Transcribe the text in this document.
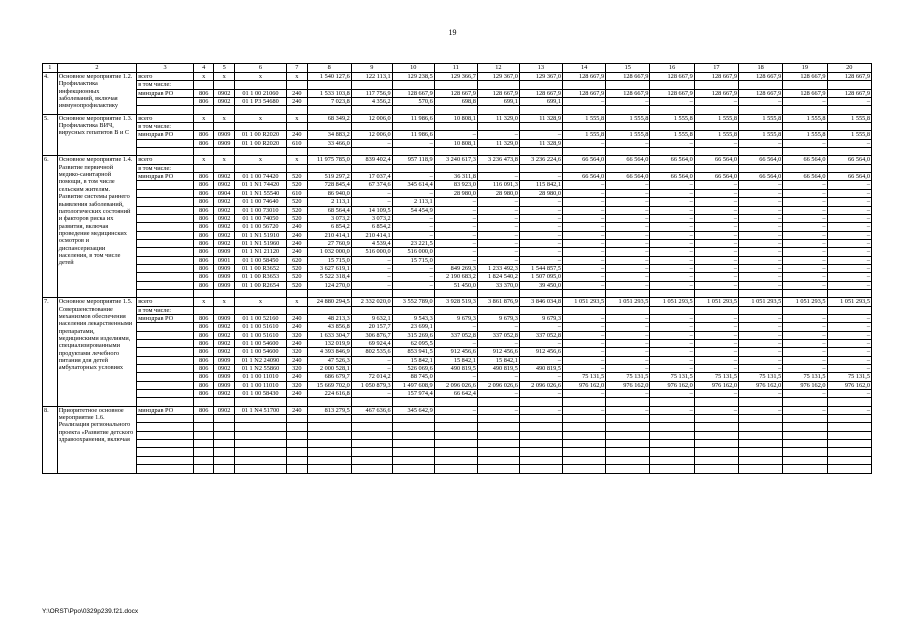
19
1	2	3	4	5	6	7	8	9	10	11	12	13	14	15	16	17	18	19	20
4.	Основное мероприятие 1.2. Профилактика инфекционных заболеваний, включая иммунопрофилактику	всего	x	x	x	x	1 540 127,6	122 113,1	129 238,5	129 366,7	129 367,0	129 367,0	128 667,9	128 667,9	128 667,9	128 667,9	128 667,9	128 667,9	128 667,9
		в том числе:																	
		минздрав РО	806	0902	01 1 00 21060	240	1 533 103,8	117 756,9	128 667,9	128 667,9	128 667,9	128 667,9	128 667,9	128 667,9	128 667,9	128 667,9	128 667,9	128 667,9	128 667,9
			806	0902	01 1 P3 54680	240	7 023,8	4 356,2	570,6	698,8	699,1	699,1	–	–	–	–	–	–	–

5.	Основное мероприятие 1.3. Профилактика ВИЧ, вирусных гепатитов В и С	всего	x	x	x	x	68 349,2	12 006,0	11 986,6	10 808,1	11 329,0	11 328,9	1 555,8	1 555,8	1 555,8	1 555,8	1 555,8	1 555,8	1 555,8
		в том числе:																	
		минздрав РО	806	0909	01 1 00 R2020	240	34 883,2	12 006,0	11 986,6	–	–	–	1 555,8	1 555,8	1 555,8	1 555,8	1 555,8	1 555,8	1 555,8
			806	0909	01 1 00 R2020	610	33 466,0	–	–	10 808,1	11 329,0	11 328,9	–	–	–	–	–	–	–

6.	Основное мероприятие 1.4. Развитие первичной медико-санитарной помощи, в том числе сельским жителям. Развитие системы раннего выявления заболеваний, патологических состояний и факторов риска их развития, включая проведение медицинских осмотров и диспансеризации населения, в том числе детей	всего	x	x	x	x	11 975 785,0	839 402,4	957 118,9	3 240 617,3	3 236 473,8	3 236 224,6	66 564,0	66 564,0	66 564,0	66 564,0	66 564,0	66 564,0	66 564,0
		в том числе:																	
		минздрав РО	806	0902	01 1 00 74420	520	519 297,2	17 037,4	–	36 311,8	–	–	66 564,0	66 564,0	66 564,0	66 564,0	66 564,0	66 564,0	66 564,0
			806	0902	01 1 N1 74420	520	728 845,4	67 374,6	345 614,4	83 923,0	116 091,3	115 842,1	–	–	–	–	–	–	–
			806	0904	01 1 N1 55540	610	86 940,0	–	–	28 980,0	28 980,0	28 980,0	–	–	–	–	–	–	–
			806	0902	01 1 00 74640	520	2 113,1	–	2 113,1	–	–	–	–	–	–	–	–	–	–
			806	0902	01 1 00 73010	520	68 564,4	14 109,5	54 454,9	–	–	–	–	–	–	–	–	–	–
			806	0902	01 1 00 74050	520	3 073,2	3 073,2	–	–	–	–	–	–	–	–	–	–	–
			806	0902	01 1 00 56720	240	6 854,2	6 854,2	–	–	–	–	–	–	–	–	–	–	–
			806	0902	01 1 N1 51910	240	210 414,1	210 414,1	–	–	–	–	–	–	–	–	–	–	–
			806	0902	01 1 N1 51960	240	27 760,9	4 539,4	23 221,5	–	–	–	–	–	–	–	–	–	–
			806	0909	01 1 N1 21120	240	1 032 000,0	516 000,0	516 000,0	–	–	–	–	–	–	–	–	–	–
			806	0901	01 1 00 58450	620	15 715,0	–	15 715,0	–	–	–	–	–	–	–	–	–	–
			806	0909	01 1 00 R3652	520	3 627 619,1	–	–	849 269,3	1 233 492,3	1 544 857,5	–	–	–	–	–	–	–
			806	0909	01 1 00 R3653	520	5 522 318,4	–	–	2 190 683,2	1 824 540,2	1 507 095,0	–	–	–	–	–	–	–
			806	0909	01 1 00 R2654	520	124 270,0	–	–	51 450,0	33 370,0	39 450,0	–	–	–	–	–	–	–

7.	Основное мероприятие 1.5. Совершенствование механизмов обеспечения населения лекарственными препаратами, медицинскими изделиями, специализированными продуктами лечебного питания для детей амбулаторных условиях	всего	x	x	x	x	24 880 294,5	2 332 020,0	3 552 789,0	3 928 519,3	3 861 876,9	3 846 034,8	1 051 293,5	1 051 293,5	1 051 293,5	1 051 293,5	1 051 293,5	1 051 293,5	1 051 293,5
		в том числе:																	
		минздрав РО	806	0909	01 1 00 52160	240	48 213,3	9 632,1	9 543,3	9 679,3	9 679,3	9 679,3	–	–	–	–	–	–	–
			806	0902	01 1 00 51610	240	43 856,8	20 157,7	23 699,1	–	–	–	–	–	–	–	–	–	–
			806	0902	01 1 00 51610	320	1 633 304,7	306 876,7	315 269,6	337 052,8	337 052,8	337 052,8	–	–	–	–	–	–	–
			806	0902	01 1 00 54600	240	132 019,9	69 924,4	62 095,5	–	–	–	–	–	–	–	–	–	–
			806	0902	01 1 00 54600	320	4 393 846,9	802 535,6	853 941,5	912 456,6	912 456,6	912 456,6	–	–	–	–	–	–	–
			806	0909	01 1 N2 24090	240	47 526,3	–	15 842,1	15 842,1	15 842,1	–	–	–	–	–	–	–	–
			806	0902	01 1 N2 55860	320	2 000 528,1	–	526 069,6	490 819,5	490 819,5	490 819,5	–	–	–	–	–	–	–
			806	0909	01 1 00 11010	240	686 679,7	72 014,2	88 745,0	–	–	–	75 131,5	75 131,5	75 131,5	75 131,5	75 131,5	75 131,5	75 131,5
			806	0909	01 1 00 11010	320	15 669 702,0	1 050 879,3	1 497 608,9	2 096 026,6	2 096 026,6	2 096 026,6	976 162,0	976 162,0	976 162,0	976 162,0	976 162,0	976 162,0	976 162,0
			806	0902	01 1 00 58430	240	224 616,8	–	157 974,4	66 642,4	–	–	–	–	–	–	–	–	–

8.	Приоритетное основное мероприятие 1.6. Реализация регионального проекта «Развитие детского здравоохранения, включая	минздрав РО	806	0902	01 1 N4 51700	240	813 279,5	467 636,6	345 642,9	–	–	–	–	–	–	–	–	–	–

Y:\ORST\Ppo\0329p239.f21.docx
